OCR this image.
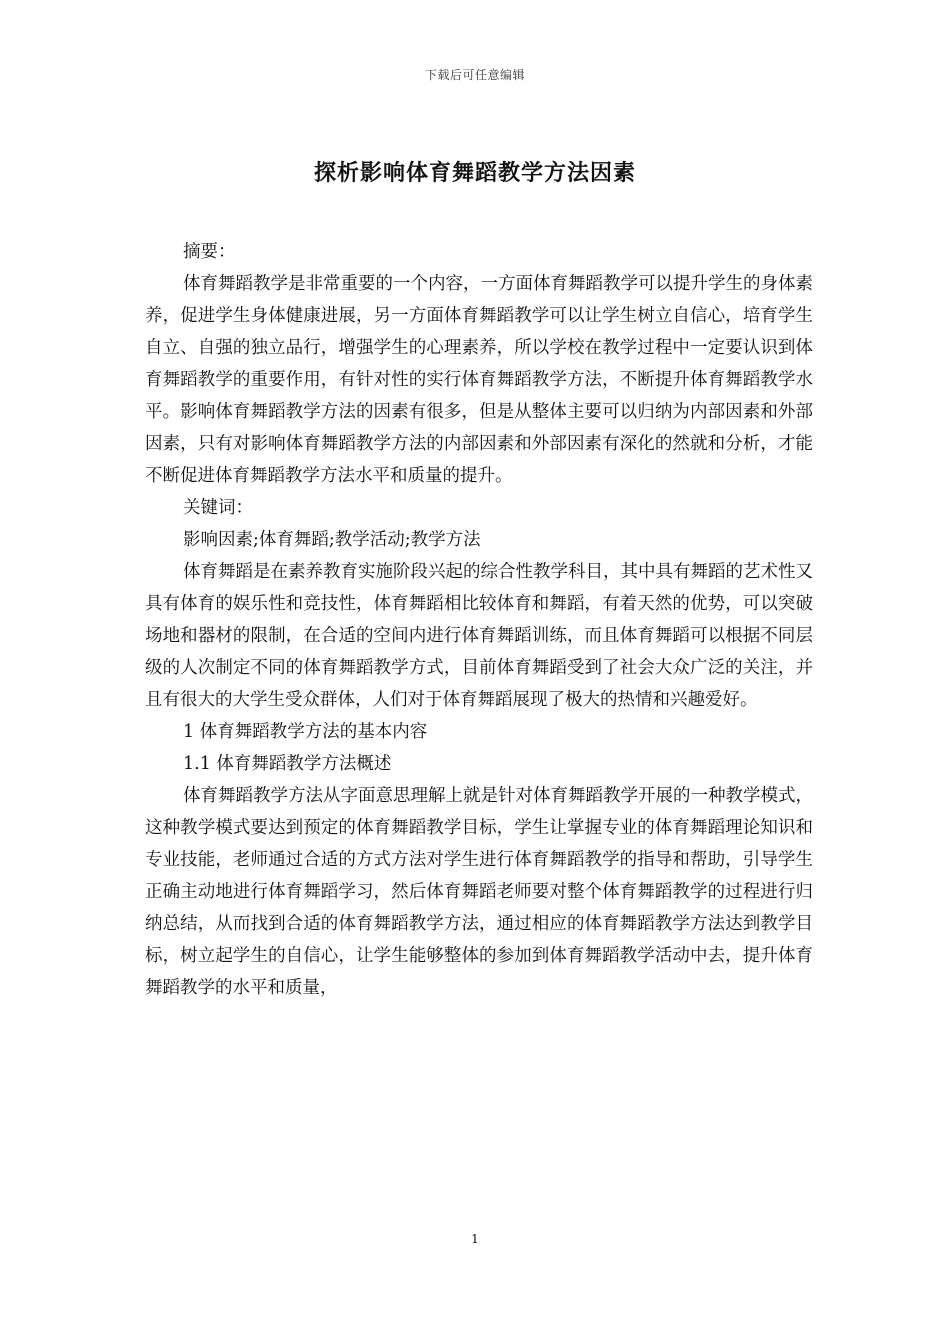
下载后可任意编辑
探析影响体育舞蹈教学方法因素

摘要：

体育舞蹈教学是非常重要的一个内容，一方面体育舞蹈教学可以提升学生的身体素养，促进学生身体健康进展，另一方面体育舞蹈教学可以让学生树立自信心，培育学生自立、自强的独立品行，增强学生的心理素养，所以学校在教学过程中一定要认识到体育舞蹈教学的重要作用，有针对性的实行体育舞蹈教学方法，不断提升体育舞蹈教学水平。影响体育舞蹈教学方法的因素有很多，但是从整体主要可以归纳为内部因素和外部因素，只有对影响体育舞蹈教学方法的内部因素和外部因素有深化的然就和分析，才能不断促进体育舞蹈教学方法水平和质量的提升。

关键词：

影响因素;体育舞蹈;教学活动;教学方法

体育舞蹈是在素养教育实施阶段兴起的综合性教学科目，其中具有舞蹈的艺术性又具有体育的娱乐性和竞技性，体育舞蹈相比较体育和舞蹈，有着天然的优势，可以突破场地和器材的限制，在合适的空间内进行体育舞蹈训练，而且体育舞蹈可以根据不同层级的人次制定不同的体育舞蹈教学方式，目前体育舞蹈受到了社会大众广泛的关注，并且有很大的大学生受众群体，人们对于体育舞蹈展现了极大的热情和兴趣爱好。

1 体育舞蹈教学方法的基本内容

1.1 体育舞蹈教学方法概述

体育舞蹈教学方法从字面意思理解上就是针对体育舞蹈教学开展的一种教学模式，这种教学模式要达到预定的体育舞蹈教学目标，学生让掌握专业的体育舞蹈理论知识和专业技能，老师通过合适的方式方法对学生进行体育舞蹈教学的指导和帮助，引导学生正确主动地进行体育舞蹈学习，然后体育舞蹈老师要对整个体育舞蹈教学的过程进行归纳总结，从而找到合适的体育舞蹈教学方法，通过相应的体育舞蹈教学方法达到教学目标，树立起学生的自信心，让学生能够整体的参加到体育舞蹈教学活动中去，提升体育舞蹈教学的水平和质量，

1
